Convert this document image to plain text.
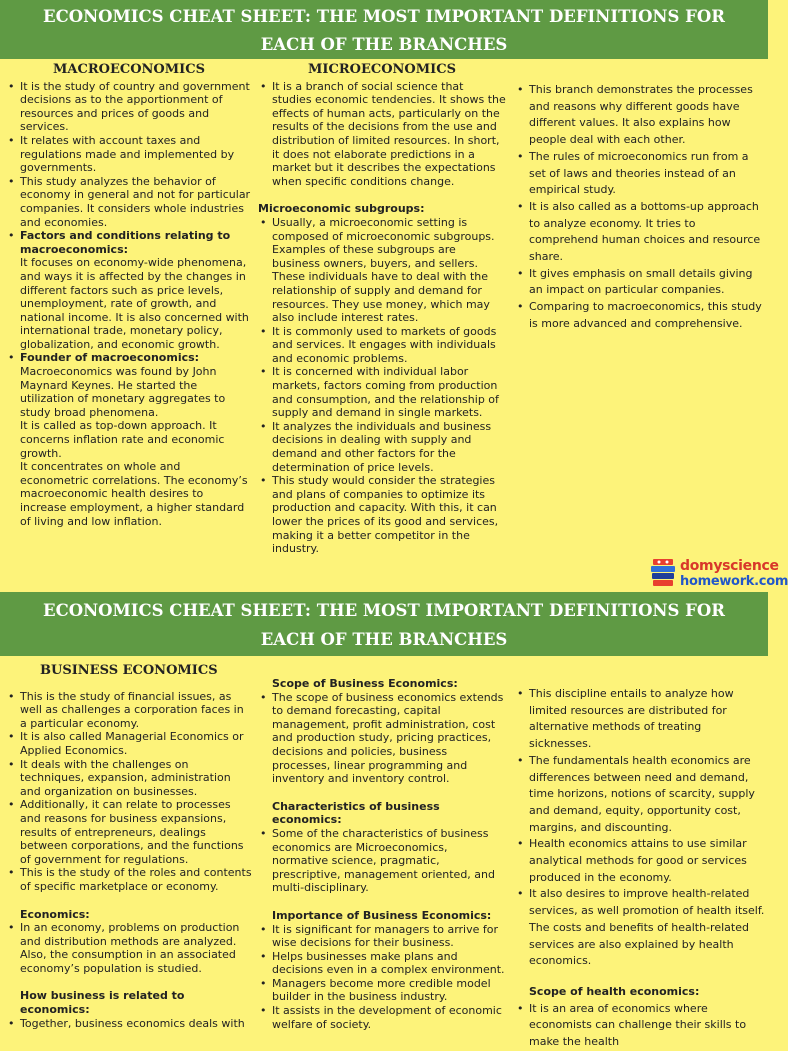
ECONOMICS CHEAT SHEET: THE MOST IMPORTANT DEFINITIONS FOR
EACH OF THE BRANCHES
MACROECONOMICS
• It is the study of country and government decisions as to the apportionment of resources and prices of goods and services.
• It relates with account taxes and regulations made and implemented by governments.
• This study analyzes the behavior of economy in general and not for particular companies. It considers whole industries and economies.
• Factors and conditions relating to macroeconomics:
It focuses on economy-wide phenomena, and ways it is affected by the changes in different factors such as price levels, unemployment, rate of growth, and national income. It is also concerned with international trade, monetary policy, globalization, and economic growth.
• Founder of macroeconomics:
Macroeconomics was found by John Maynard Keynes. He started the utilization of monetary aggregates to study broad phenomena.
It is called as top-down approach. It concerns inflation rate and economic growth.
It concentrates on whole and econometric correlations. The economy’s macroeconomic health desires to increase employment, a higher standard of living and low inflation.
MICROECONOMICS
• It is a branch of social science that studies economic tendencies. It shows the effects of human acts, particularly on the results of the decisions from the use and distribution of limited resources. In short, it does not elaborate predictions in a market but it describes the expectations when specific conditions change.
Microeconomic subgroups:
• Usually, a microeconomic setting is composed of microeconomic subgroups. Examples of these subgroups are business owners, buyers, and sellers. These individuals have to deal with the relationship of supply and demand for resources. They use money, which may also include interest rates.
• It is commonly used to markets of goods and services. It engages with individuals and economic problems.
• It is concerned with individual labor markets, factors coming from production and consumption, and the relationship of supply and demand in single markets.
• It analyzes the individuals and business decisions in dealing with supply and demand and other factors for the determination of price levels.
• This study would consider the strategies and plans of companies to optimize its production and capacity. With this, it can lower the prices of its good and services, making it a better competitor in the industry.
• This branch demonstrates the processes and reasons why different goods have different values. It also explains how people deal with each other.
• The rules of microeconomics run from a set of laws and theories instead of an empirical study.
• It is also called as a bottoms-up approach to analyze economy. It tries to comprehend human choices and resource share.
• It gives emphasis on small details giving an impact on particular companies.
• Comparing to macroeconomics, this study is more advanced and comprehensive.
domyscience
homework.com
ECONOMICS CHEAT SHEET: THE MOST IMPORTANT DEFINITIONS FOR
EACH OF THE BRANCHES
BUSINESS ECONOMICS
• This is the study of financial issues, as well as challenges a corporation faces in a particular economy.
• It is also called Managerial Economics or Applied Economics.
• It deals with the challenges on techniques, expansion, administration and organization on businesses.
• Additionally, it can relate to processes and reasons for business expansions, results of entrepreneurs, dealings between corporations, and the functions of government for regulations.
• This is the study of the roles and contents of specific marketplace or economy.
Economics:
• In an economy, problems on production and distribution methods are analyzed. Also, the consumption in an associated economy’s population is studied.
How business is related to economics:
• Together, business economics deals with
Scope of Business Economics:
• The scope of business economics extends to demand forecasting, capital management, profit administration, cost and production study, pricing practices, decisions and policies, business processes, linear programming and inventory and inventory control.
Characteristics of business economics:
• Some of the characteristics of business economics are Microeconomics, normative science, pragmatic, prescriptive, management oriented, and multi-disciplinary.
Importance of Business Economics:
• It is significant for managers to arrive for wise decisions for their business.
• Helps businesses make plans and decisions even in a complex environment.
• Managers become more credible model builder in the business industry.
• It assists in the development of economic welfare of society.
• This discipline entails to analyze how limited resources are distributed for alternative methods of treating sicknesses.
• The fundamentals health economics are differences between need and demand, time horizons, notions of scarcity, supply and demand, equity, opportunity cost, margins, and discounting.
• Health economics attains to use similar analytical methods for good or services produced in the economy.
• It also desires to improve health-related services, as well promotion of health itself. The costs and benefits of health-related services are also explained by health economics.
Scope of health economics:
• It is an area of economics where economists can challenge their skills to make the health
